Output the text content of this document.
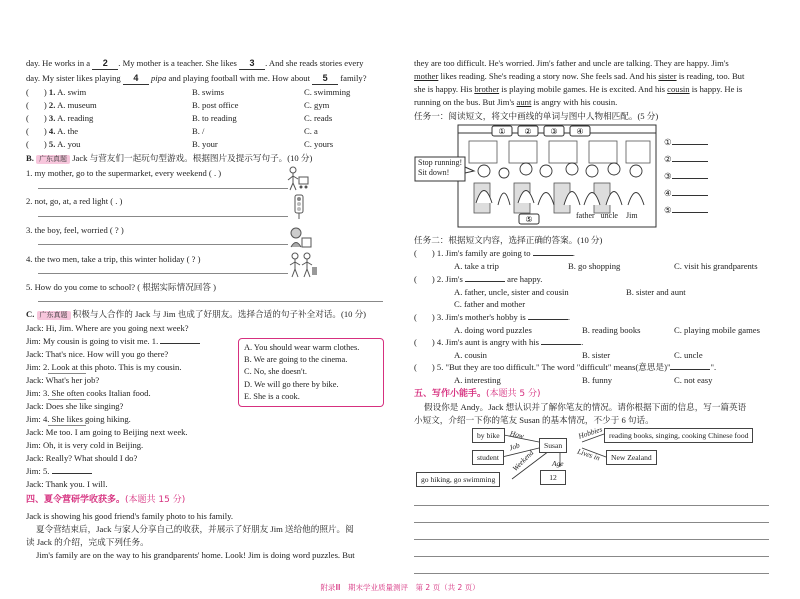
day. He works in a 2 . My mother is a teacher. She likes 3 . And she reads stories every
day. My sister likes playing 4 pipa and playing football with me. How about 5 family?
(       ) 1. A. swim	B. swims	C. swimming
(       ) 2. A. museum	B. post office	C. gym
(       ) 3. A. reading	B. to reading	C. reads
(       ) 4. A. the	B. /	C. a
(       ) 5. A. you	B. your	C. yours
B. 广东真题 Jack 与营友们一起玩句型游戏。根据图片及提示写句子。(10 分)
1. my mother, go to the supermarket, every weekend ( . )
2. not, go, at, a red light ( . )
3. the boy, feel, worried ( ? )
4. the two men, take a trip, this winter holiday ( ? )
5. How do you come to school? ( 根据实际情况回答 )
C. 广东真题 积极与人合作的 Jack 与 Jim 也成了好朋友。选择合适的句子补全对话。(10 分)
Jack: Hi, Jim. Where are you going next week?
Jim: My cousin is going to visit me. 1.
Jack: That's nice. How will you go there?
Jim: 2. Look at this photo. This is my cousin.
Jack: What's her job?
Jim: 3. She often cooks Italian food.
Jack: Does she like singing?
Jim: 4. She likes going hiking.
Jack: Me too. I am going to Beijing next week.
Jim: Oh, it is very cold in Beijing.
Jack: Really? What should I do?
Jim: 5.
Jack: Thank you. I will.
A. You should wear warm clothes.
B. We are going to the cinema.
C. No, she doesn't.
D. We will go there by bike.
E. She is a cook.
四、夏令营研学收获多。(本题共 15 分)
Jack is showing his good friend's family photo to his family.
夏令营结束后，Jack 与家人分享自己的收获，并展示了好朋友 Jim 送给他的照片。阅
读 Jack 的介绍，完成下列任务。
Jim's family are on the way to his grandparents' home. Look! Jim is doing word puzzles. But
they are too difficult. He's worried. Jim's father and uncle are talking. They are happy. Jim's
mother likes reading. She's reading a story now. She feels sad. And his sister is reading, too. But
she is happy. His brother is playing mobile games. He is excited. And his cousin is happy. He is
running on the bus. But Jim's aunt is angry with his cousin.
任务一：阅读短文，将文中画线的单词与图中人物相匹配。(5 分)
① ② ③ ④
⑤
Stop running!
Sit down!
father uncle Jim
①
②
③
④
⑤
任务二：根据短文内容，选择正确的答案。(10 分)
(       ) 1. Jim's family are going to	.
A. take a trip	B. go shopping	C. visit his grandparents
(       ) 2. Jim's	are happy.
A. father, uncle, sister and cousin	B. sister and aunt
C. father and mother
(       ) 3. Jim's mother's hobby is	.
A. doing word puzzles	B. reading books	C. playing mobile games
(       ) 4. Jim's aunt is angry with his	.
A. cousin	B. sister	C. uncle
(       ) 5. "But they are too difficult." The word "difficult" means(意思是)"	".
A. interesting	B. funny	C. not easy
五、写作小能手。(本题共 5 分)
假设你是 Andy。Jack 想认识并了解你笔友的情况。请你根据下面的信息，写一篇英语
小短文，介绍一下你的笔友 Susan 的基本情况，不少于 6 句话。
by bike	How
Susan
Hobbies reading books, singing, cooking Chinese food
Job
student	Lives in	New Zealand
Age
12
Weekend
go hiking, go swimming
附录Ⅲ　期末学业质量测评　第 2 页（共 2 页）
